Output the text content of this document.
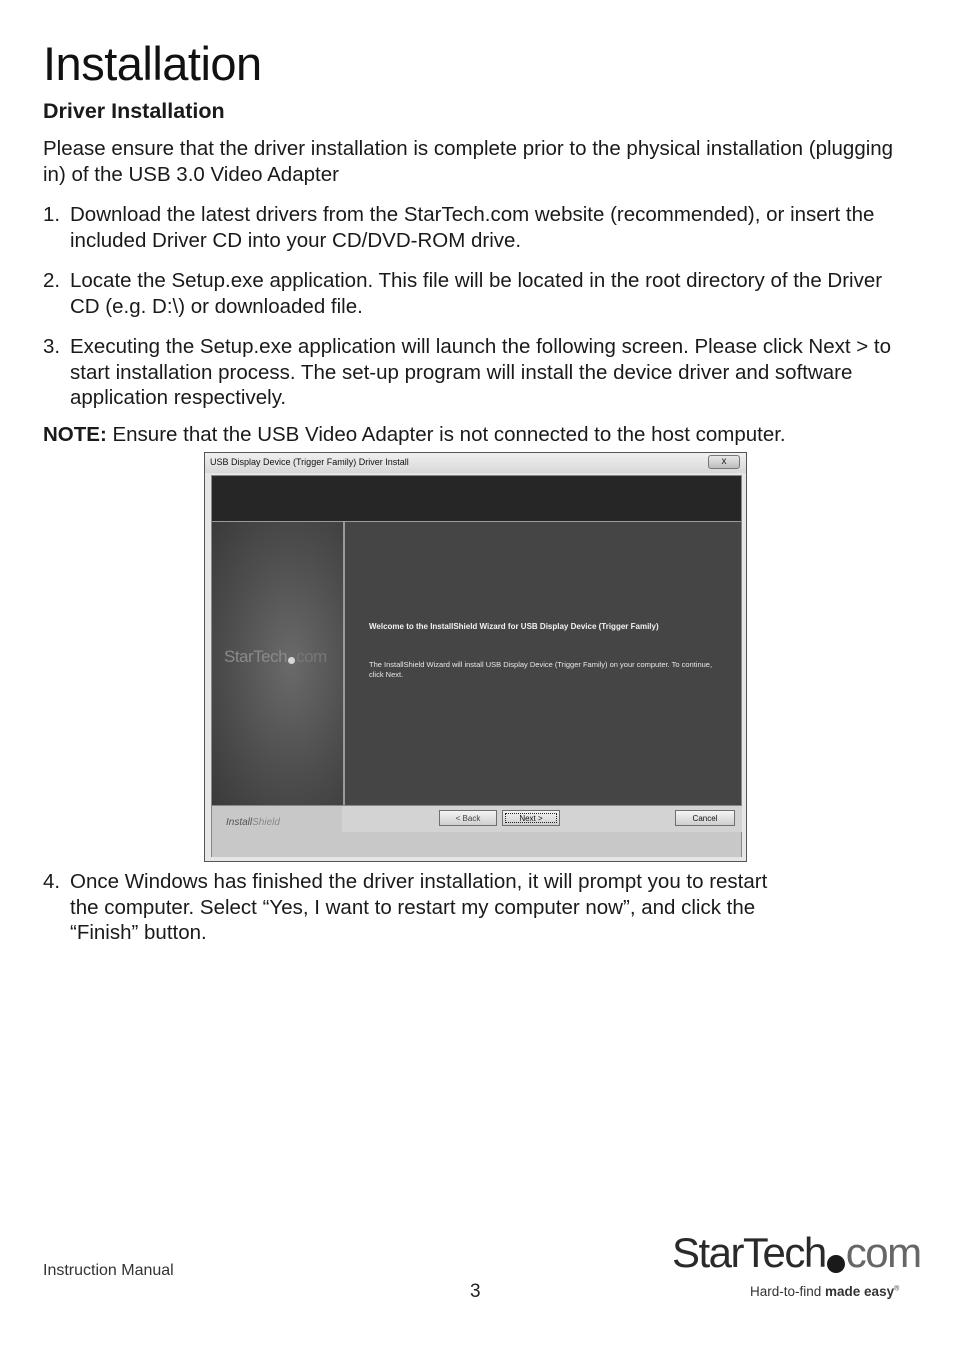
Installation
Driver Installation
Please ensure that the driver installation is complete prior to the physical installation (plugging in) of the USB 3.0 Video Adapter
1. Download the latest drivers from the StarTech.com website (recommended), or insert the included Driver CD into your CD/DVD-ROM drive.
2. Locate the Setup.exe application. This file will be located in the root directory of the Driver CD (e.g. D:\) or downloaded file.
3. Executing the Setup.exe application will launch the following screen. Please click Next > to start installation process. The set-up program will install the device driver and software application respectively.
NOTE: Ensure that the USB Video Adapter is not connected to the host computer.
USB Display Device (Trigger Family) Driver Install	x
StarTech com
Welcome to the InstallShield Wizard for USB Display Device (Trigger Family)
The InstallShield Wizard will install USB Display Device (Trigger Family) on your computer. To continue, click Next.
InstallShield	< Back	Next >	Cancel
4. Once Windows has finished the driver installation, it will prompt you to restart the computer. Select “Yes, I want to restart my computer now”, and click the “Finish” button.
Instruction Manual
3
StarTech com
Hard-to-find made easy®
